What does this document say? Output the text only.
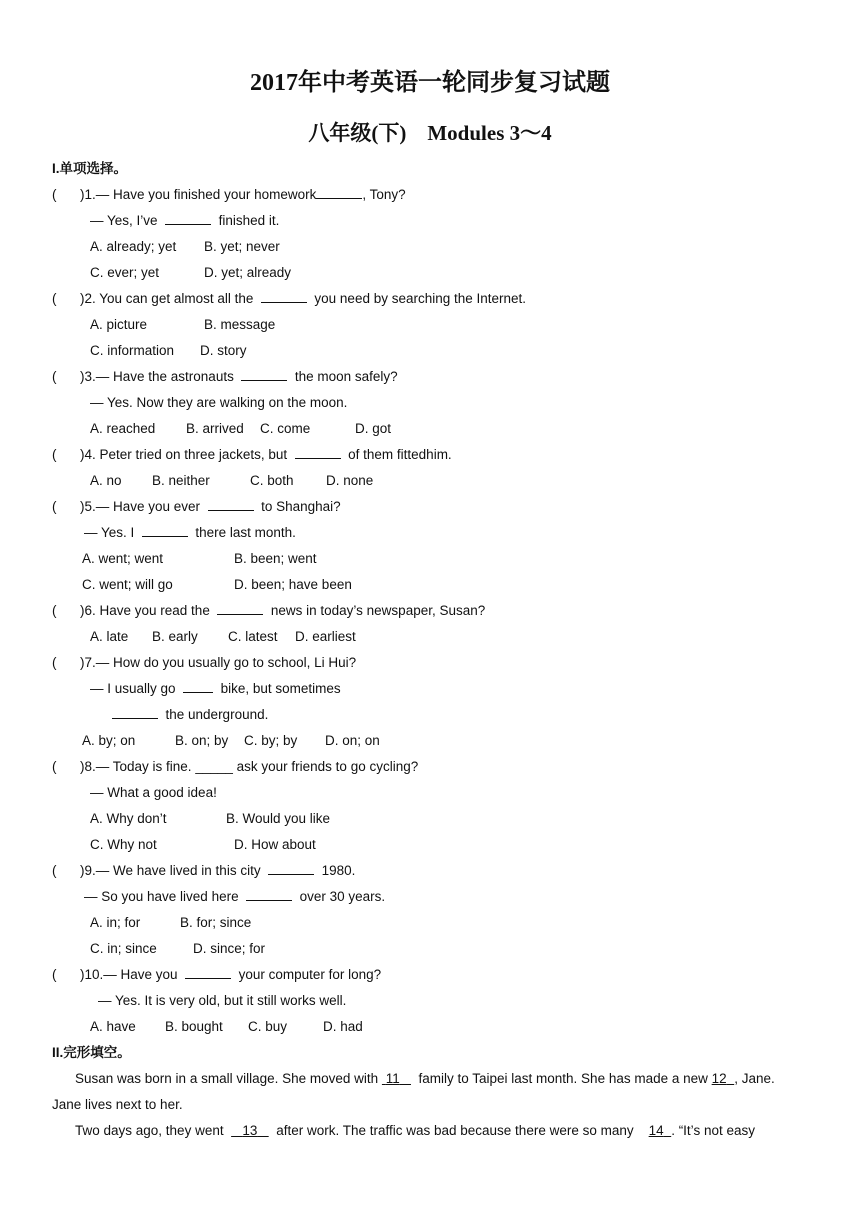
2017年中考英语一轮同步复习试题
八年级(下)　Modules 3～4
I.单项选择。
( )1.— Have you finished your homework	, Tony?
— Yes, I’ve	finished it.
A. already; yet B. yet; never
C. ever; yet	D. yet; already
( )2. You can get almost all the	you need by searching the Internet.
A. picture	B. message
C. information D. story
( )3.— Have the astronauts	the moon safely?
— Yes. Now they are walking on the moon.
A. reached B. arrived C. come	D. got
( )4. Peter tried on three jackets, but	of them fittedhim.
A. no B. neither	C. both D. none
( )5.— Have you ever	to Shanghai?
— Yes. I	there last month.
A. went; went	B. been; went
C. went; will go	D. been; have been
( )6. Have you read the	news in today’s newspaper, Susan?
A. late B. early C. latest D. earliest
( )7.— How do you usually go to school, Li Hui?
— I usually go	bike, but sometimes
the underground.
A. by; on	B. on; by C. by; by D. on; on
( )8.— Today is fine. _____ ask your friends to go cycling?
— What a good idea!
A. Why don’t	B. Would you like
C. Why not	D. How about
( )9.— We have lived in this city	1980.
— So you have lived here	over 30 years.
A. in; for	B. for; since
C. in; since	D. since; for
( )10.— Have you	your computer for long?
— Yes. It is very old, but it still works well.
A. have B. bought C. buy	D. had
II.完形填空。
Susan was born in a small village. She moved with 11 family to Taipei last month. She has made a new 12 , Jane.
Jane lives next to her.
Two days ago, they went 13 after work. The traffic was bad because there were so many 14 . “It’s not easy
